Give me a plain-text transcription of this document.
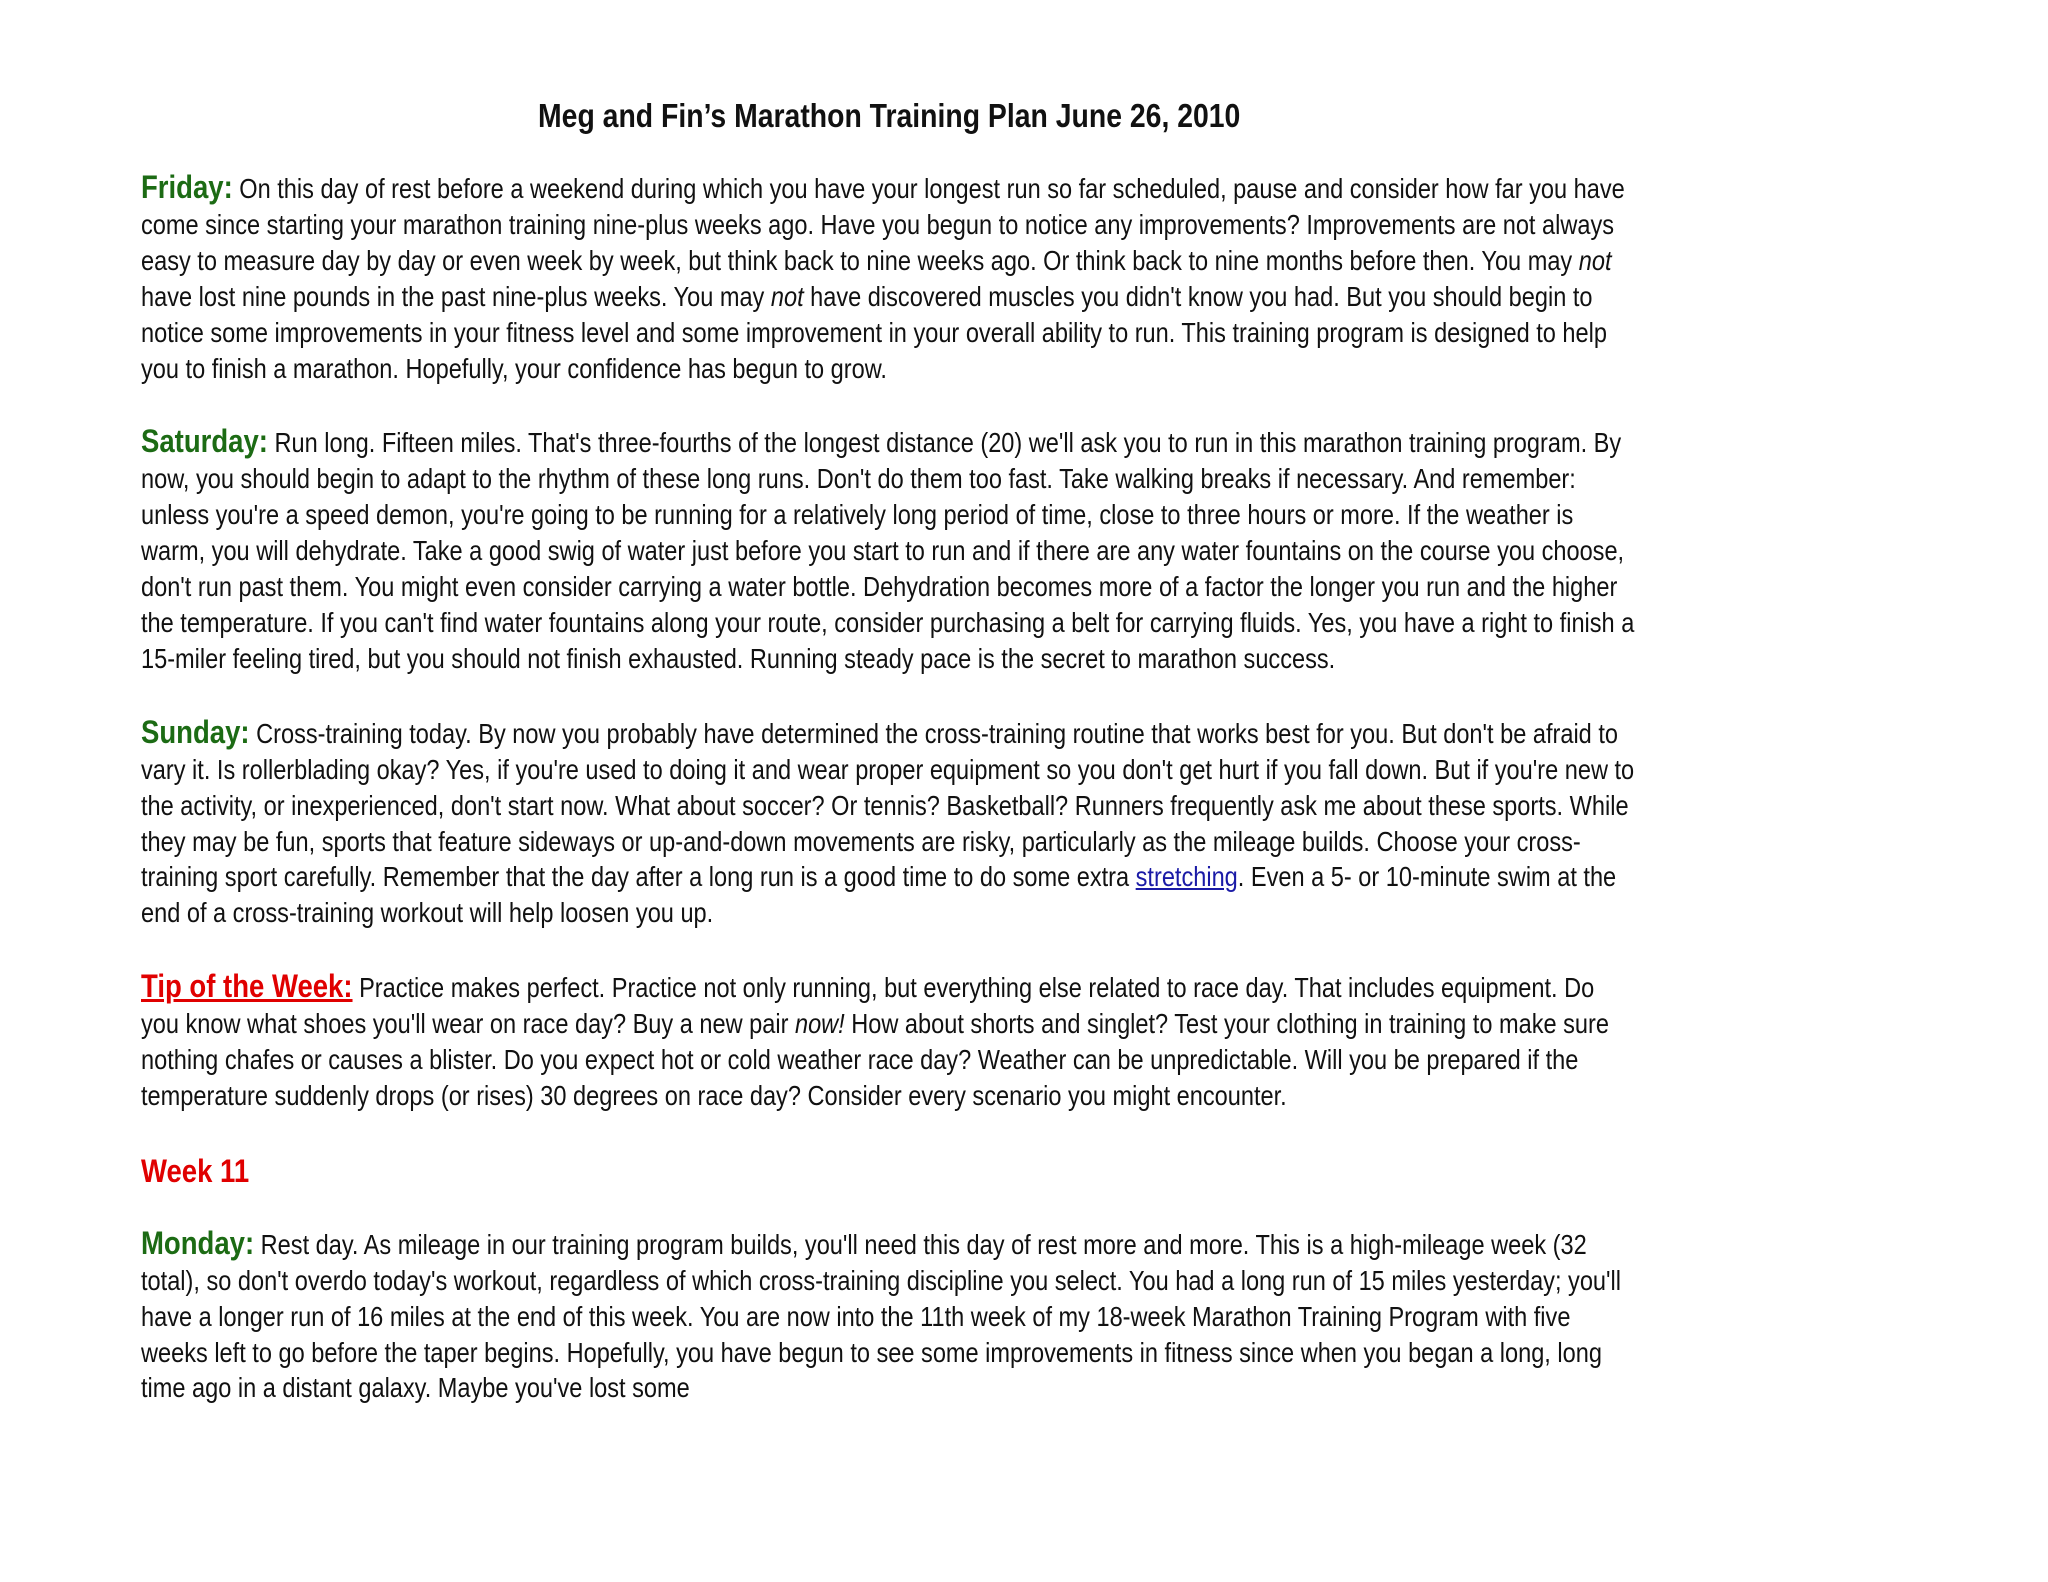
Meg and Fin’s Marathon Training Plan June 26, 2010
Friday: On this day of rest before a weekend during which you have your longest run so far scheduled, pause and consider how far you have come since starting your marathon training nine-plus weeks ago. Have you begun to notice any improvements? Improvements are not always easy to measure day by day or even week by week, but think back to nine weeks ago. Or think back to nine months before then. You may not have lost nine pounds in the past nine-plus weeks. You may not have discovered muscles you didn't know you had. But you should begin to notice some improvements in your fitness level and some improvement in your overall ability to run. This training program is designed to help you to finish a marathon. Hopefully, your confidence has begun to grow.
Saturday: Run long. Fifteen miles. That's three-fourths of the longest distance (20) we'll ask you to run in this marathon training program. By now, you should begin to adapt to the rhythm of these long runs. Don't do them too fast. Take walking breaks if necessary. And remember: unless you're a speed demon, you're going to be running for a relatively long period of time, close to three hours or more. If the weather is warm, you will dehydrate. Take a good swig of water just before you start to run and if there are any water fountains on the course you choose, don't run past them. You might even consider carrying a water bottle. Dehydration becomes more of a factor the longer you run and the higher the temperature. If you can't find water fountains along your route, consider purchasing a belt for carrying fluids. Yes, you have a right to finish a 15-miler feeling tired, but you should not finish exhausted. Running steady pace is the secret to marathon success.
Sunday: Cross-training today. By now you probably have determined the cross-training routine that works best for you. But don't be afraid to vary it. Is rollerblading okay? Yes, if you're used to doing it and wear proper equipment so you don't get hurt if you fall down. But if you're new to the activity, or inexperienced, don't start now. What about soccer? Or tennis? Basketball? Runners frequently ask me about these sports. While they may be fun, sports that feature sideways or up-and-down movements are risky, particularly as the mileage builds. Choose your cross-training sport carefully. Remember that the day after a long run is a good time to do some extra stretching. Even a 5- or 10-minute swim at the end of a cross-training workout will help loosen you up.
Tip of the Week: Practice makes perfect. Practice not only running, but everything else related to race day. That includes equipment. Do you know what shoes you'll wear on race day? Buy a new pair now! How about shorts and singlet? Test your clothing in training to make sure nothing chafes or causes a blister. Do you expect hot or cold weather race day? Weather can be unpredictable. Will you be prepared if the temperature suddenly drops (or rises) 30 degrees on race day? Consider every scenario you might encounter.
Week 11
Monday: Rest day. As mileage in our training program builds, you'll need this day of rest more and more. This is a high-mileage week (32 total), so don't overdo today's workout, regardless of which cross-training discipline you select. You had a long run of 15 miles yesterday; you'll have a longer run of 16 miles at the end of this week. You are now into the 11th week of my 18-week Marathon Training Program with five weeks left to go before the taper begins. Hopefully, you have begun to see some improvements in fitness since when you began a long, long time ago in a distant galaxy. Maybe you've lost some
